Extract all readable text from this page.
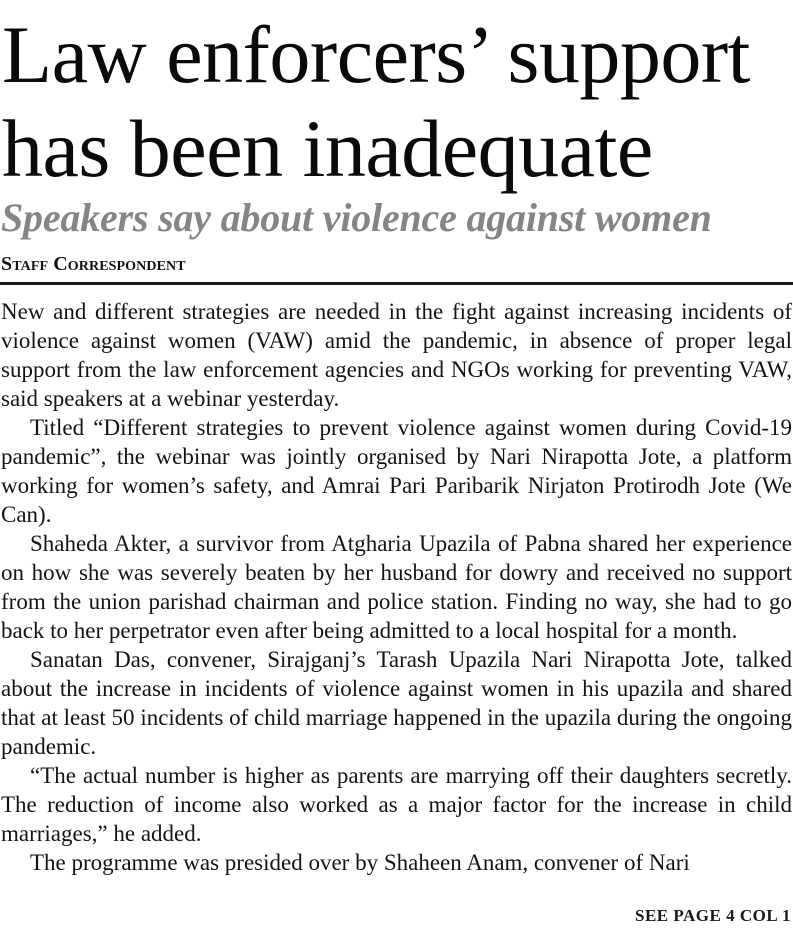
Law enforcers’ support
has been inadequate
Speakers say about violence against women
Staff Correspondent

New and different strategies are needed in the fight against increasing incidents of violence against women (VAW) amid the pandemic, in absence of proper legal support from the law enforcement agencies and NGOs working for preventing VAW, said speakers at a webinar yesterday.

Titled “Different strategies to prevent violence against women during Covid-19 pandemic”, the webinar was jointly organised by Nari Nirapotta Jote, a platform working for women’s safety, and Amrai Pari Paribarik Nirjaton Protirodh Jote (We Can).

Shaheda Akter, a survivor from Atgharia Upazila of Pabna shared her experience on how she was severely beaten by her husband for dowry and received no support from the union parishad chairman and police station. Finding no way, she had to go back to her perpetrator even after being admitted to a local hospital for a month.

Sanatan Das, convener, Sirajganj’s Tarash Upazila Nari Nirapotta Jote, talked about the increase in incidents of violence against women in his upazila and shared that at least 50 incidents of child marriage happened in the upazila during the ongoing pandemic.

“The actual number is higher as parents are marrying off their daughters secretly. The reduction of income also worked as a major factor for the increase in child marriages,” he added.

The programme was presided over by Shaheen Anam, convener of Nari

SEE PAGE 4 COL 1
